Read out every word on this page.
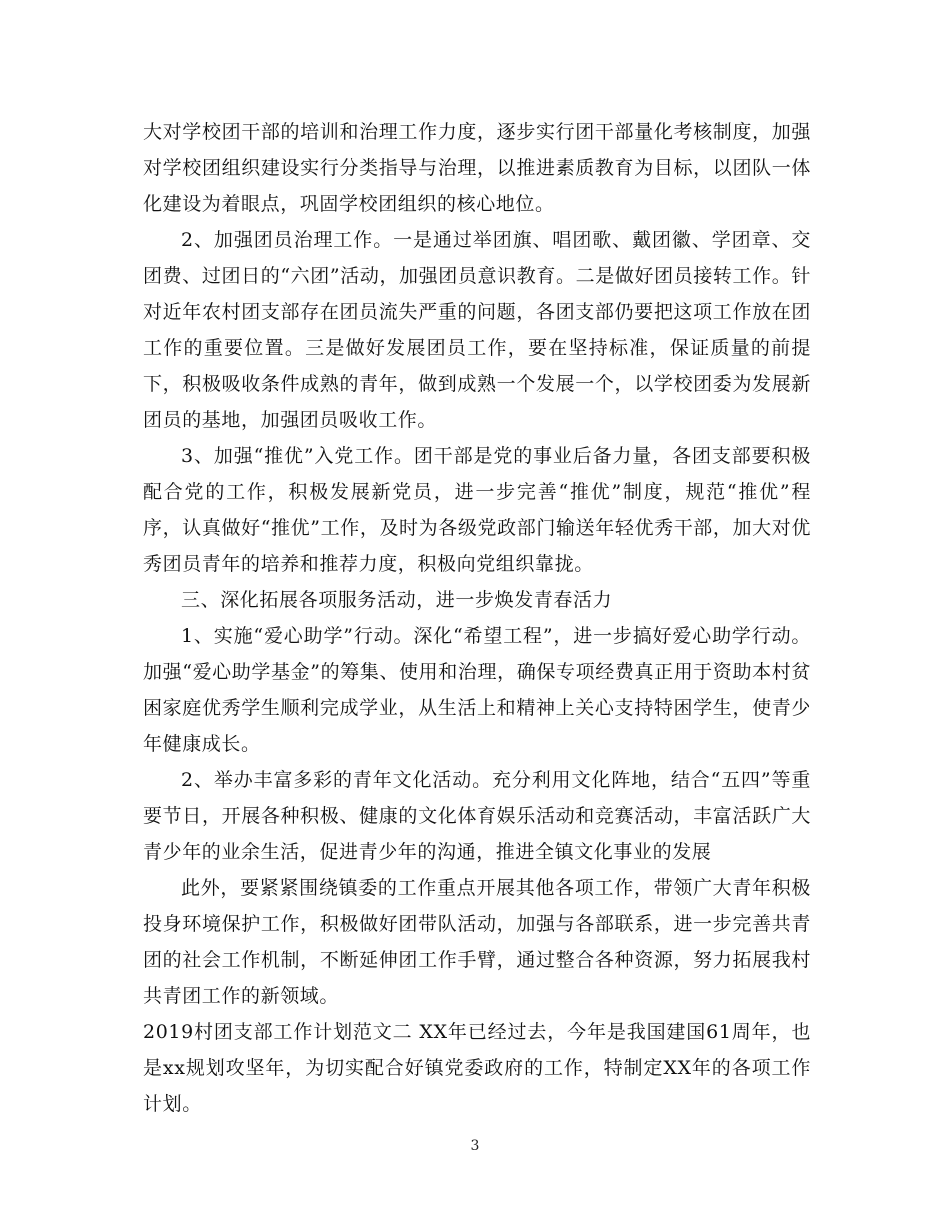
大对学校团干部的培训和治理工作力度，逐步实行团干部量化考核制度，加强对学校团组织建设实行分类指导与治理，以推进素质教育为目标，以团队一体化建设为着眼点，巩固学校团组织的核心地位。

2、加强团员治理工作。一是通过举团旗、唱团歌、戴团徽、学团章、交团费、过团日的“六团”活动，加强团员意识教育。二是做好团员接转工作。针对近年农村团支部存在团员流失严重的问题，各团支部仍要把这项工作放在团工作的重要位置。三是做好发展团员工作，要在坚持标准，保证质量的前提下，积极吸收条件成熟的青年，做到成熟一个发展一个，以学校团委为发展新团员的基地，加强团员吸收工作。

3、加强“推优”入党工作。团干部是党的事业后备力量，各团支部要积极配合党的工作，积极发展新党员，进一步完善“推优”制度，规范“推优”程序，认真做好“推优”工作，及时为各级党政部门输送年轻优秀干部，加大对优秀团员青年的培养和推荐力度，积极向党组织靠拢。

三、深化拓展各项服务活动，进一步焕发青春活力

1、实施“爱心助学”行动。深化“希望工程”，进一步搞好爱心助学行动。加强“爱心助学基金”的筹集、使用和治理，确保专项经费真正用于资助本村贫困家庭优秀学生顺利完成学业，从生活上和精神上关心支持特困学生，使青少年健康成长。

2、举办丰富多彩的青年文化活动。充分利用文化阵地，结合“五四”等重要节日，开展各种积极、健康的文化体育娱乐活动和竞赛活动，丰富活跃广大青少年的业余生活，促进青少年的沟通，推进全镇文化事业的发展

此外，要紧紧围绕镇委的工作重点开展其他各项工作，带领广大青年积极投身环境保护工作，积极做好团带队活动，加强与各部联系，进一步完善共青团的社会工作机制，不断延伸团工作手臂，通过整合各种资源，努力拓展我村共青团工作的新领域。

2019村团支部工作计划范文二 XX年已经过去，今年是我国建国61周年，也是xx规划攻坚年，为切实配合好镇党委政府的工作，特制定XX年的各项工作计划。

3
